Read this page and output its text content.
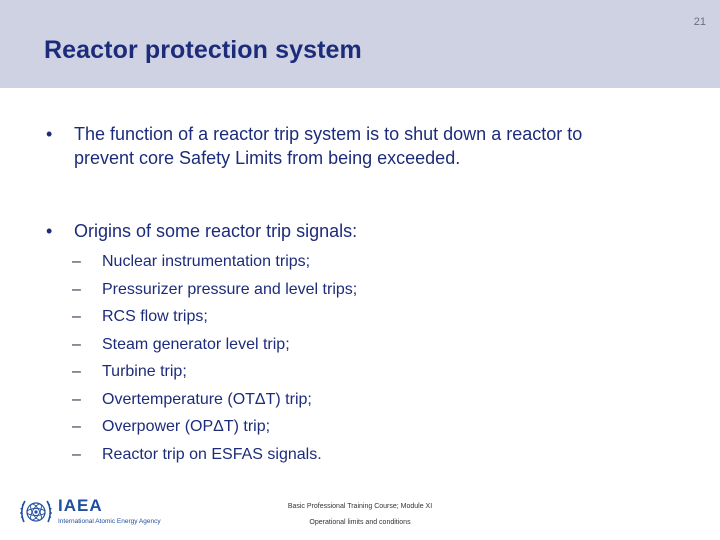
21
Reactor protection system
•	The function of a reactor trip system is to shut down a reactor to
prevent core Safety Limits from being exceeded.
•	Origins of some reactor trip signals:
–	Nuclear instrumentation trips;
–	Pressurizer pressure and level trips;
–	RCS flow trips;
–	Steam generator level trip;
–	Turbine trip;
–	Overtemperature (OTΔT) trip;
–	Overpower (OPΔT) trip;
–	Reactor trip on ESFAS signals.
IAEA
International Atomic Energy Agency
Basic Professional Training Course; Module XI
Operational limits and conditions
